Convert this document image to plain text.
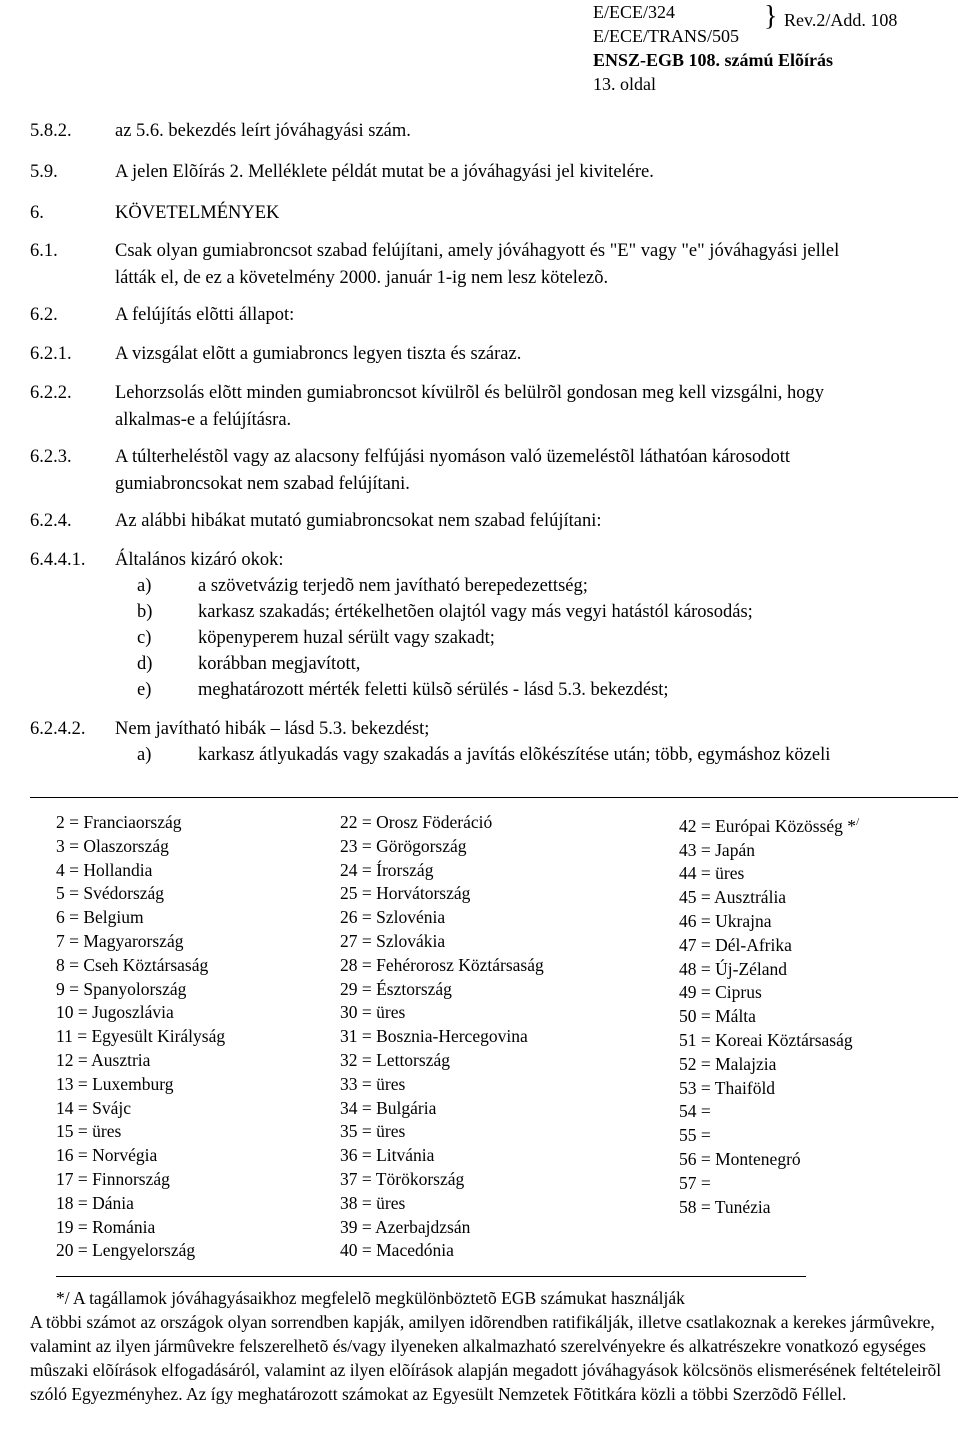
E/ECE/324
E/ECE/TRANS/505
ENSZ-EGB 108. számú Elõírás
13. oldal
} Rev.2/Add. 108
5.8.2. az 5.6. bekezdés leírt jóváhagyási szám.
5.9.	A jelen Elõírás 2. Melléklete példát mutat be a jóváhagyási jel kivitelére.
6.	KÖVETELMÉNYEK
6.1.	Csak olyan gumiabroncsot szabad felújítani, amely jóváhagyott és "E" vagy "e" jóváhagyási jellel
látták el, de ez a követelmény 2000. január 1-ig nem lesz kötelezõ.
6.2.	A felújítás elõtti állapot:
6.2.1. A vizsgálat elõtt a gumiabroncs legyen tiszta és száraz.
6.2.2. Lehorzsolás elõtt minden gumiabroncsot kívülrõl és belülrõl gondosan meg kell vizsgálni, hogy
alkalmas-e a felújításra.
6.2.3. A túlterheléstõl vagy az alacsony felfújási nyomáson való üzemeléstõl láthatóan károsodott
gumiabroncsokat nem szabad felújítani.
6.2.4. Az alábbi hibákat mutató gumiabroncsokat nem szabad felújítani:
6.4.4.1. Általános kizáró okok:
a)	a szövetvázig terjedõ nem javítható berepedezettség;
b) karkasz szakadás; értékelhetõen olajtól vagy más vegyi hatástól károsodás;
c)	köpenyperem huzal sérült vagy szakadt;
d) korábban megjavított,
e)	meghatározott mérték feletti külsõ sérülés - lásd 5.3. bekezdést;
6.2.4.2. Nem javítható hibák – lásd 5.3. bekezdést;
a)	karkasz átlyukadás vagy szakadás a javítás elõkészítése után; több, egymáshoz közeli
2 = Franciaország
3 = Olaszország
4 = Hollandia
5 = Svédország
6 = Belgium
7 = Magyarország
8 = Cseh Köztársaság
9 = Spanyolország
10 = Jugoszlávia
11 = Egyesült Királyság
12 = Ausztria
13 = Luxemburg
14 = Svájc
15 = üres
16 = Norvégia
17 = Finnország
18 = Dánia
19 = Románia
20 = Lengyelország
22 = Orosz Föderáció
23 = Görögország
24 = Írország
25 = Horvátország
26 = Szlovénia
27 = Szlovákia
28 = Fehérorosz Köztársaság
29 = Észtország
30 = üres
31 = Bosznia-Hercegovina
32 = Lettország
33 = üres
34 = Bulgária
35 = üres
36 = Litvánia
37 = Törökország
38 = üres
39 = Azerbajdzsán
40 = Macedónia
42 = Európai Közösség */
43 = Japán
44 = üres
45 = Ausztrália
46 = Ukrajna
47 = Dél-Afrika
48 = Új-Zéland
49 = Ciprus
50 = Málta
51 = Koreai Köztársaság
52 = Malajzia
53 = Thaiföld
54 =
55 =
56 = Montenegró
57 =
58 = Tunézia
*/ A tagállamok jóváhagyásaikhoz megfelelõ megkülönböztetõ EGB számukat használják
A többi számot az országok olyan sorrendben kapják, amilyen idõrendben ratifikálják, illetve csatlakoznak a kerekes jármûvekre, valamint az ilyen jármûvekre felszerelhetõ és/vagy ilyeneken alkalmazható szerelvényekre és alkatrészekre vonatkozó egységes mûszaki elõírások elfogadásáról, valamint az ilyen elõírások alapján megadott jóváhagyások kölcsönös elismerésének feltételeirõl szóló Egyezményhez. Az így meghatározott számokat az Egyesült Nemzetek Fõtitkára közli a többi Szerzõdõ Féllel.
